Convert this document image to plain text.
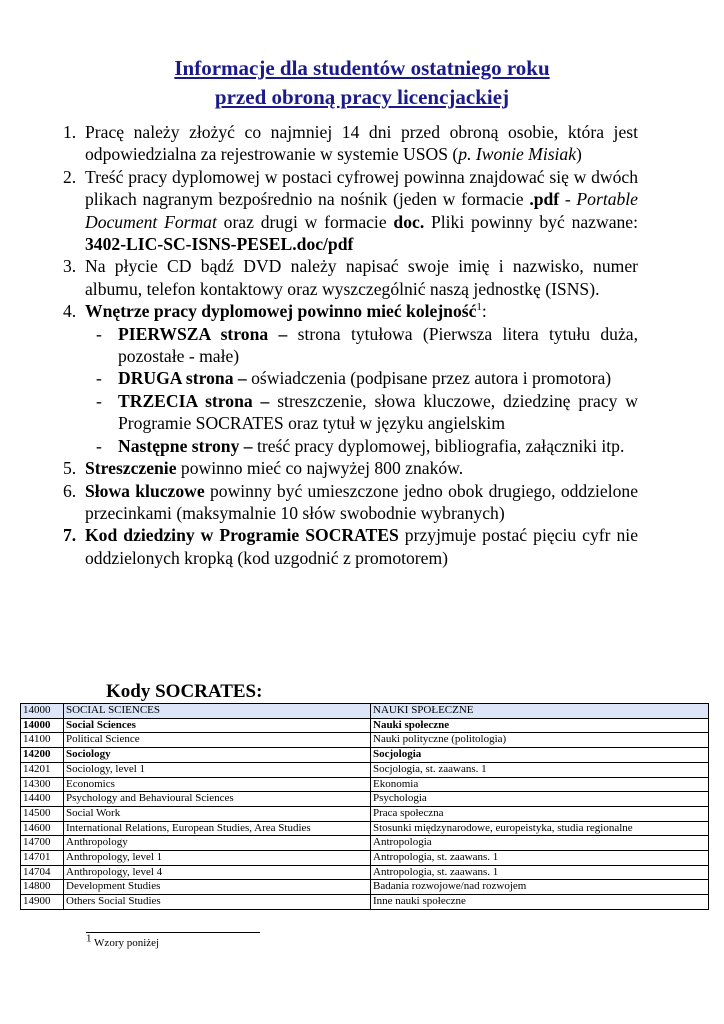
Informacje dla studentów ostatniego roku
przed obroną pracy licencjackiej
1. Pracę należy złożyć co najmniej 14 dni przed obroną osobie, która jest odpowiedzialna za rejestrowanie w systemie USOS (p. Iwonie Misiak)
2. Treść pracy dyplomowej w postaci cyfrowej powinna znajdować się w dwóch plikach nagranym bezpośrednio na nośnik (jeden w formacie .pdf - Portable Document Format oraz drugi w formacie doc. Pliki powinny być nazwane: 3402-LIC-SC-ISNS-PESEL.doc/pdf
3. Na płycie CD bądź DVD należy napisać swoje imię i nazwisko, numer albumu, telefon kontaktowy oraz wyszczególnić naszą jednostkę (ISNS).
4. Wnętrze pracy dyplomowej powinno mieć kolejność$^1$:
- PIERWSZA strona – strona tytułowa (Pierwsza litera tytułu duża, pozostałe - małe)
- DRUGA strona – oświadczenia (podpisane przez autora i promotora)
- TRZECIA strona – streszczenie, słowa kluczowe, dziedzinę pracy w Programie SOCRATES oraz tytuł w języku angielskim
- Następne strony – treść pracy dyplomowej, bibliografia, załączniki itp.
5. Streszczenie powinno mieć co najwyżej 800 znaków.
6. Słowa kluczowe powinny być umieszczone jedno obok drugiego, oddzielone przecinkami (maksymalnie 10 słów swobodnie wybranych)
7. Kod dziedziny w Programie SOCRATES przyjmuje postać pięciu cyfr nie oddzielonych kropką (kod uzgodnić z promotorem)
Kody SOCRATES:
14000	SOCIAL SCIENCES	NAUKI SPOŁECZNE
14000	Social Sciences	Nauki społeczne
14100	Political Science	Nauki polityczne (politologia)
14200	Sociology	Socjologia
14201	Sociology, level 1	Socjologia, st. zaawans. 1
14300	Economics	Ekonomia
14400	Psychology and Behavioural Sciences	Psychologia
14500	Social Work	Praca społeczna
14600	International Relations, European Studies, Area Studies	Stosunki międzynarodowe, europeistyka, studia regionalne
14700	Anthropology	Antropologia
14701	Anthropology, level 1	Antropologia, st. zaawans. 1
14704	Anthropology, level 4	Antropologia, st. zaawans. 1
14800	Development Studies	Badania rozwojowe/nad rozwojem
14900	Others Social Studies	Inne nauki społeczne
$^1$ Wzory poniżej
